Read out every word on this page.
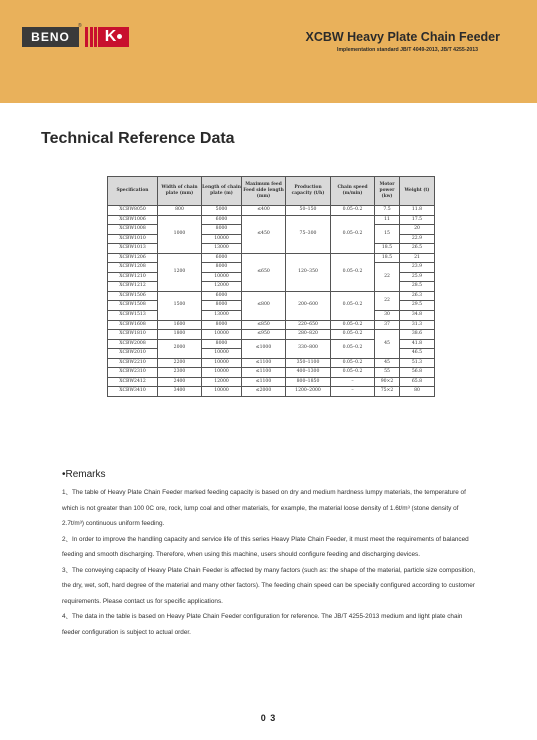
BENO
®
K	XCBW Heavy Plate Chain Feeder
Implementation standard JB/T 4049-2013, JB/T 4255-2013
Technical Reference Data
Specification	Width of chain plate (mm)	Length of chain plate (m)	Maximum feed Feed side length (mm)	Production capacity (t/h)	Chain speed (m/min)	Motor power (kw)	Weight (t)
XCBW8050	800	5000	≤400	50–150	0.05–0.2	7.5	11.8
XCBW1006	1000	6000	≤450	75–300	0.05–0.2	11	17.5
XCBW1008		8000				15	20
XCBW1010		10000					22.9
XCBW1013		13000				18.5	26.5
XCBW1206	1200	6000	≤650	120–350	0.05–0.2	18.5	21
XCBW1208		8000				22	23.9
XCBW1210		10000					25.9
XCBW1212		12000					28.5
XCBW1506	1500	6000	≤800	200–600	0.05–0.2	22	26.3
XCBW1508		8000					29.5
XCBW1513		13000				30	34.8
XCBW1608	1600	8000	≤850	220–650	0.05–0.2	37	31.3
XCBW1810	1800	10000	≤950	280–820	0.05–0.2	45	38.6
XCBW2008	2000	8000	≤1000	330–800	0.05–0.2		41.8
XCBW2010		10000					46.5
XCBW2210	2200	10000	≤1100	350–1100	0.05–0.2	45	51.3
XCBW2310	2300	10000	≤1100	400–1300	0.05–0.2	55	56.8
XCBW2412	2400	12000	≤1100	800–1850	–	90×2	65.8
XCBW3410	3400	10000	≤2000	1200–2000	–	75×2	80
•Remarks

1、The table of Heavy Plate Chain Feeder marked feeding capacity is based on dry and medium hardness lumpy materials, the temperature of which is not greater than 100 0C ore, rock, lump coal and other materials, for example, the material loose density of 1.6t/m³ (stone density of 2.7t/m³) continuous uniform feeding.

2、In order to improve the handling capacity and service life of this series Heavy Plate Chain Feeder, it must meet the requirements of balanced feeding and smooth discharging. Therefore, when using this machine, users should configure feeding and discharging devices.

3、The conveying capacity of Heavy Plate Chain Feeder is affected by many factors (such as: the shape of the material, particle size composition, the dry, wet, soft, hard degree of the material and many other factors). The feeding chain speed can be specially configured according to customer requirements. Please contact us for specific applications.

4、The data in the table is based on Heavy Plate Chain Feeder configuration for reference. The JB/T 4255-2013 medium and light plate chain feeder configuration is subject to actual order.

0 3
